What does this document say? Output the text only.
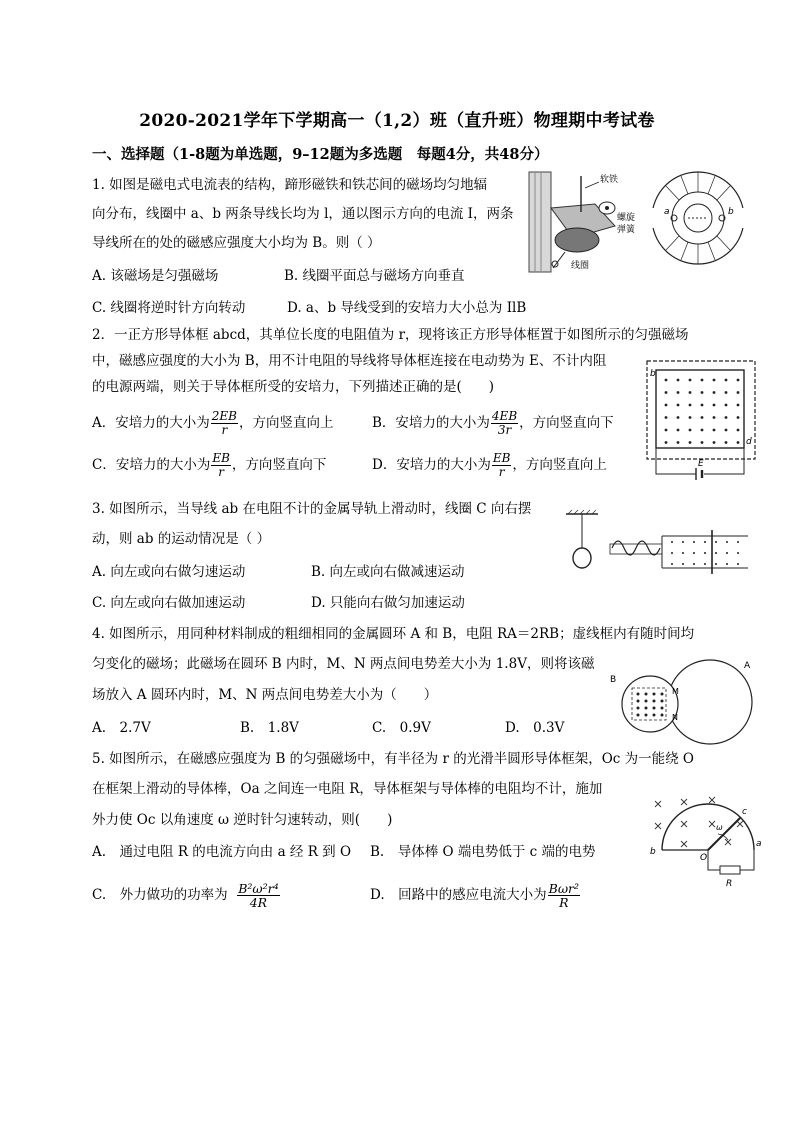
2020-2021学年下学期高一（1,2）班（直升班）物理期中考试卷
一、选择题（1-8题为单选题，9–12题为多选题　每题4分，共48分）
1. 如图是磁电式电流表的结构，蹄形磁铁和铁芯间的磁场均匀地辐
向分布，线圈中 a、b 两条导线长均为 l，通以图示方向的电流 I，两条
导线所在的处的磁感应强度大小均为 B。则（ ）
A. 该磁场是匀强磁场	B. 线圈平面总与磁场方向垂直
C. 线圈将逆时针方向转动	D. a、b 导线受到的安培力大小总为 IlB
软铁
螺旋
弹簧
线圈
a	b
2．一正方形导体框 abcd，其单位长度的电阻值为 r，现将该正方形导体框置于如图所示的匀强磁场
中，磁感应强度的大小为 B，用不计电阻的导线将导体框连接在电动势为 E、不计内阻
的电源两端，则关于导体框所受的安培力，下列描述正确的是(　　)
A．安培力的大小为 $\frac{2EB}{r}$ ，方向竖直向上	B．安培力的大小为 $\frac{4EB}{3r}$ ，方向竖直向下
C．安培力的大小为 $\frac{EB}{r}$ ，方向竖直向下	D．安培力的大小为 $\frac{EB}{r}$ ，方向竖直向上
b
d
E
3. 如图所示，当导线 ab 在电阻不计的金属导轨上滑动时，线圈 C 向右摆
动，则 ab 的运动情况是（ ）
A. 向左或向右做匀速运动	B. 向左或向右做减速运动
C. 向左或向右做加速运动	D. 只能向右做匀加速运动
4. 如图所示，用同种材料制成的粗细相同的金属圆环 A 和 B，电阻 RA＝2RB；虚线框内有随时间均
匀变化的磁场；此磁场在圆环 B 内时，M、N 两点间电势差大小为 1.8V，则将该磁
场放入 A 圆环内时，M、N 两点间电势差大小为（　　）
A.　2.7V	B.　1.8V	C.　0.9V	D.　0.3V
B
A
M
N
5. 如图所示，在磁感应强度为 B 的匀强磁场中，有半径为 r 的光滑半圆形导体框架，Oc 为一能绕 O
在框架上滑动的导体棒，Oa 之间连一电阻 R，导体框架与导体棒的电阻均不计，施加
外力使 Oc 以角速度 ω 逆时针匀速转动，则(　　)
A.　通过电阻 R 的电流方向由 a 经 R 到 O B.　导体棒 O 端电势低于 c 端的电势
C.　外力做功的功率为 $\frac{\text{B²ω²r⁴}}{4R}$	D.　回路中的感应电流大小为 $\frac{\text{Bωr²}}{R}$
b
O
a
c
ω
R
